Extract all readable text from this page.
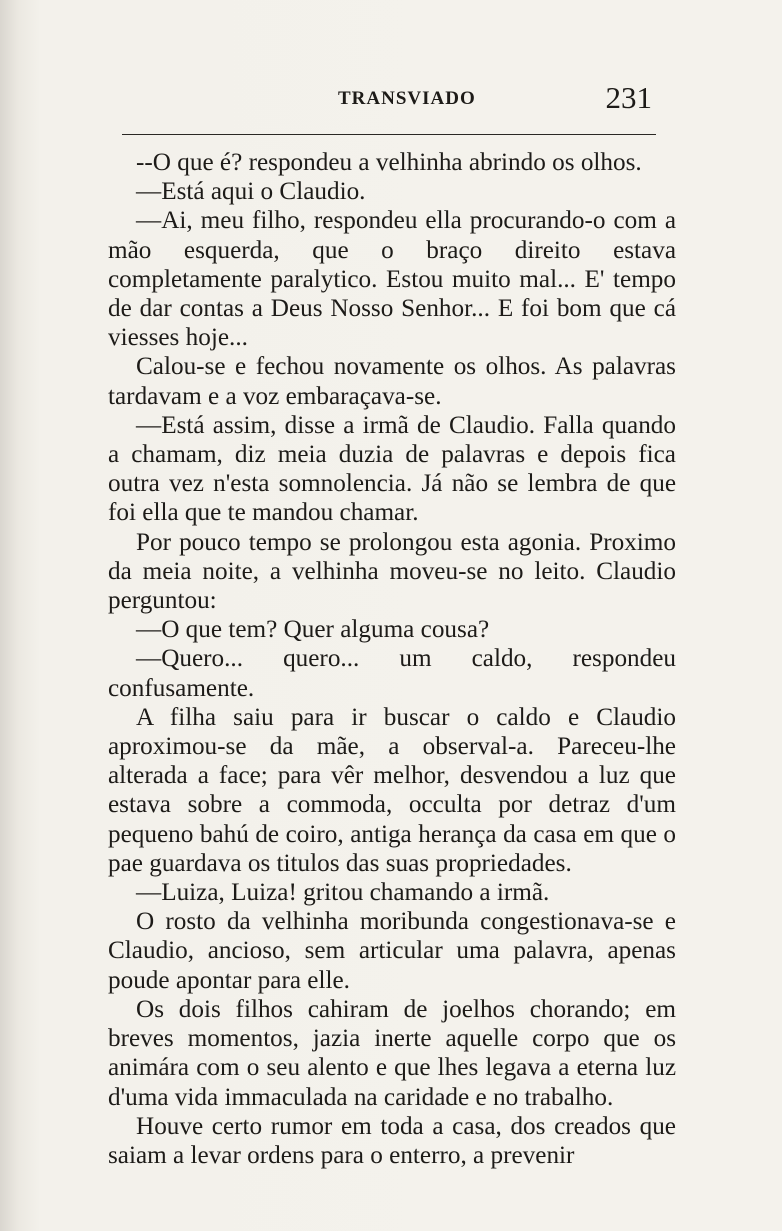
TRANSVIADO	231

--O que é? respondeu a velhinha abrindo os olhos.

—Está aqui o Claudio.

—Ai, meu filho, respondeu ella procurando-o com a mão esquerda, que o braço direito estava completamente paralytico. Estou muito mal... E' tempo de dar contas a Deus Nosso Senhor... E foi bom que cá viesses hoje...

Calou-se e fechou novamente os olhos. As palavras tardavam e a voz embaraçava-se.

—Está assim, disse a irmã de Claudio. Falla quando a chamam, diz meia duzia de palavras e depois fica outra vez n'esta somnolencia. Já não se lembra de que foi ella que te mandou chamar.

Por pouco tempo se prolongou esta agonia. Proximo da meia noite, a velhinha moveu-se no leito. Claudio perguntou:

—O que tem? Quer alguma cousa?

—Quero... quero... um caldo, respondeu confusamente.

A filha saiu para ir buscar o caldo e Claudio aproximou-se da mãe, a observal-a. Pareceu-lhe alterada a face; para vêr melhor, desvendou a luz que estava sobre a commoda, occulta por detraz d'um pequeno bahú de coiro, antiga herança da casa em que o pae guardava os titulos das suas propriedades.

—Luiza, Luiza! gritou chamando a irmã.

O rosto da velhinha moribunda congestionava-se e Claudio, ancioso, sem articular uma palavra, apenas poude apontar para elle.

Os dois filhos cahiram de joelhos chorando; em breves momentos, jazia inerte aquelle corpo que os animára com o seu alento e que lhes legava a eterna luz d'uma vida immaculada na caridade e no trabalho.

Houve certo rumor em toda a casa, dos creados que saiam a levar ordens para o enterro, a prevenir
